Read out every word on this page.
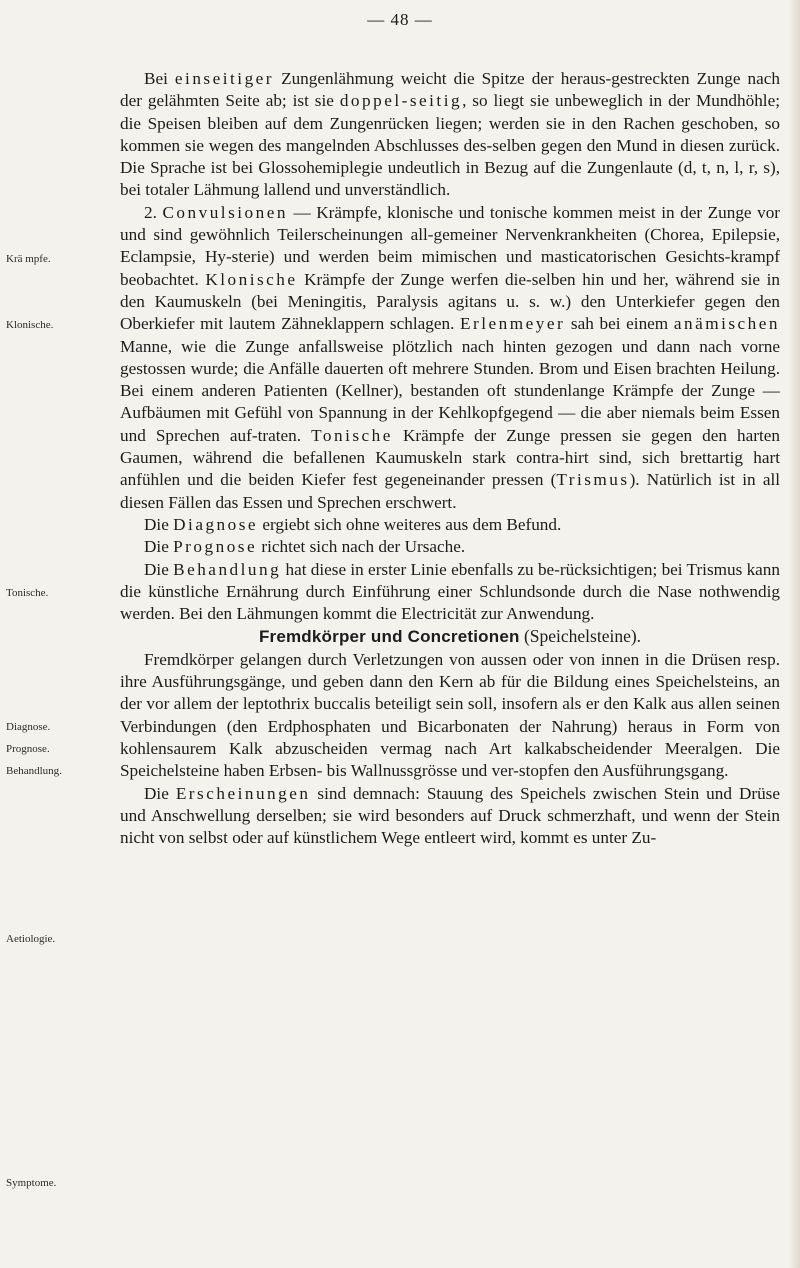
— 48 —
Krä mpfe.
Klonische.
Tonische.
Diagnose.
Prognose.
Behandlung.
Aetiologie.
Symptome.

Bei einseitiger Zungenlähmung weicht die Spitze der heraus-gestreckten Zunge nach der gelähmten Seite ab; ist sie doppel-seitig, so liegt sie unbeweglich in der Mundhöhle; die Speisen bleiben auf dem Zungenrücken liegen; werden sie in den Rachen geschoben, so kommen sie wegen des mangelnden Abschlusses des-selben gegen den Mund in diesen zurück. Die Sprache ist bei Glossohemiplegie undeutlich in Bezug auf die Zungenlaute (d, t, n, l, r, s), bei totaler Lähmung lallend und unverständlich.

2. Convulsionen — Krämpfe, klonische und tonische kommen meist in der Zunge vor und sind gewöhnlich Teilerscheinungen all-gemeiner Nervenkrankheiten (Chorea, Epilepsie, Eclampsie, Hy-sterie) und werden beim mimischen und masticatorischen Gesichts-krampf beobachtet. Klonische Krämpfe der Zunge werfen die-selben hin und her, während sie in den Kaumuskeln (bei Meningitis, Paralysis agitans u. s. w.) den Unterkiefer gegen den Oberkiefer mit lautem Zähneklappern schlagen. Erlenmeyer sah bei einem anämischen Manne, wie die Zunge anfallsweise plötzlich nach hinten gezogen und dann nach vorne gestossen wurde; die Anfälle dauerten oft mehrere Stunden. Brom und Eisen brachten Heilung. Bei einem anderen Patienten (Kellner), bestanden oft stundenlange Krämpfe der Zunge — Aufbäumen mit Gefühl von Spannung in der Kehlkopfgegend — die aber niemals beim Essen und Sprechen auf-traten. Tonische Krämpfe der Zunge pressen sie gegen den harten Gaumen, während die befallenen Kaumuskeln stark contra-hirt sind, sich brettartig hart anfühlen und die beiden Kiefer fest gegeneinander pressen (Trismus). Natürlich ist in all diesen Fällen das Essen und Sprechen erschwert.

Die Diagnose ergiebt sich ohne weiteres aus dem Befund.

Die Prognose richtet sich nach der Ursache.

Die Behandlung hat diese in erster Linie ebenfalls zu be-rücksichtigen; bei Trismus kann die künstliche Ernährung durch Einführung einer Schlundsonde durch die Nase nothwendig werden. Bei den Lähmungen kommt die Electricität zur Anwendung.

Fremdkörper und Concretionen (Speichelsteine).

Fremdkörper gelangen durch Verletzungen von aussen oder von innen in die Drüsen resp. ihre Ausführungsgänge, und geben dann den Kern ab für die Bildung eines Speichelsteins, an der vor allem der leptothrix buccalis beteiligt sein soll, insofern als er den Kalk aus allen seinen Verbindungen (den Erdphosphaten und Bicarbonaten der Nahrung) heraus in Form von kohlensaurem Kalk abzuscheiden vermag nach Art kalkabscheidender Meeralgen. Die Speichelsteine haben Erbsen- bis Wallnussgrösse und ver-stopfen den Ausführungsgang.

Die Erscheinungen sind demnach: Stauung des Speichels zwischen Stein und Drüse und Anschwellung derselben; sie wird besonders auf Druck schmerzhaft, und wenn der Stein nicht von selbst oder auf künstlichem Wege entleert wird, kommt es unter Zu-
